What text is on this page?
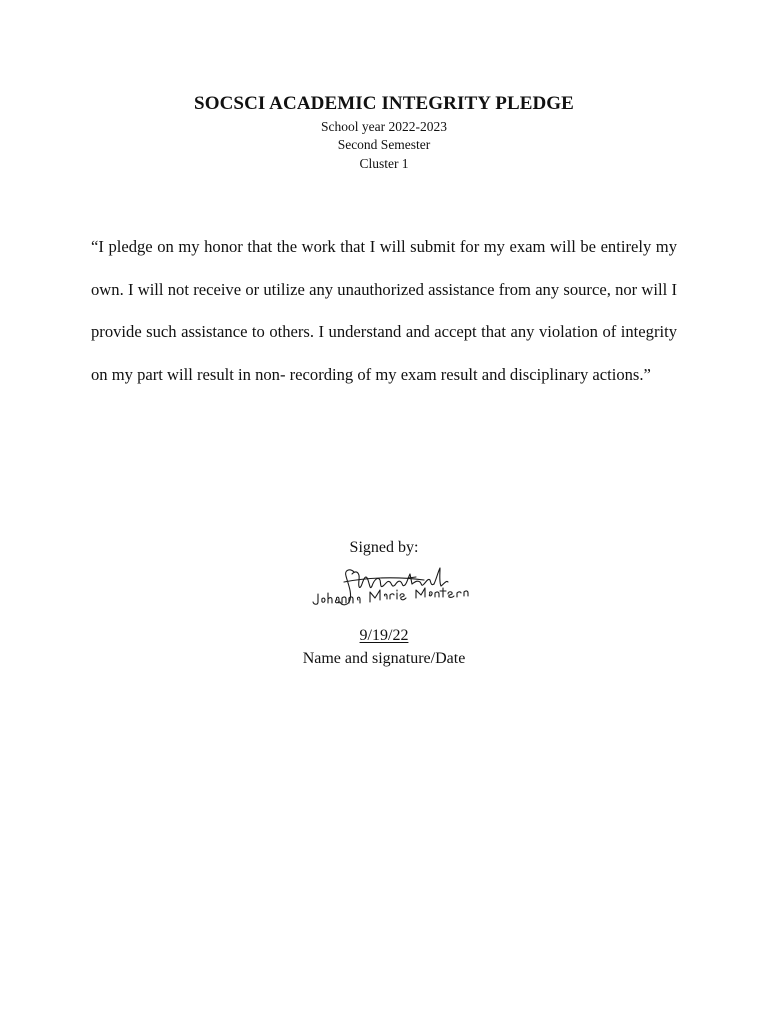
SOCSCI ACADEMIC INTEGRITY PLEDGE

School year 2022-2023

Second Semester

Cluster 1

“I pledge on my honor that the work that I will submit for my exam will be entirely my own. I will not receive or utilize any unauthorized assistance from any source, nor will I provide such assistance to others. I understand and accept that any violation of integrity on my part will result in non- recording of my exam result and disciplinary actions.”

Signed by:

9/19/22

Name and signature/Date
